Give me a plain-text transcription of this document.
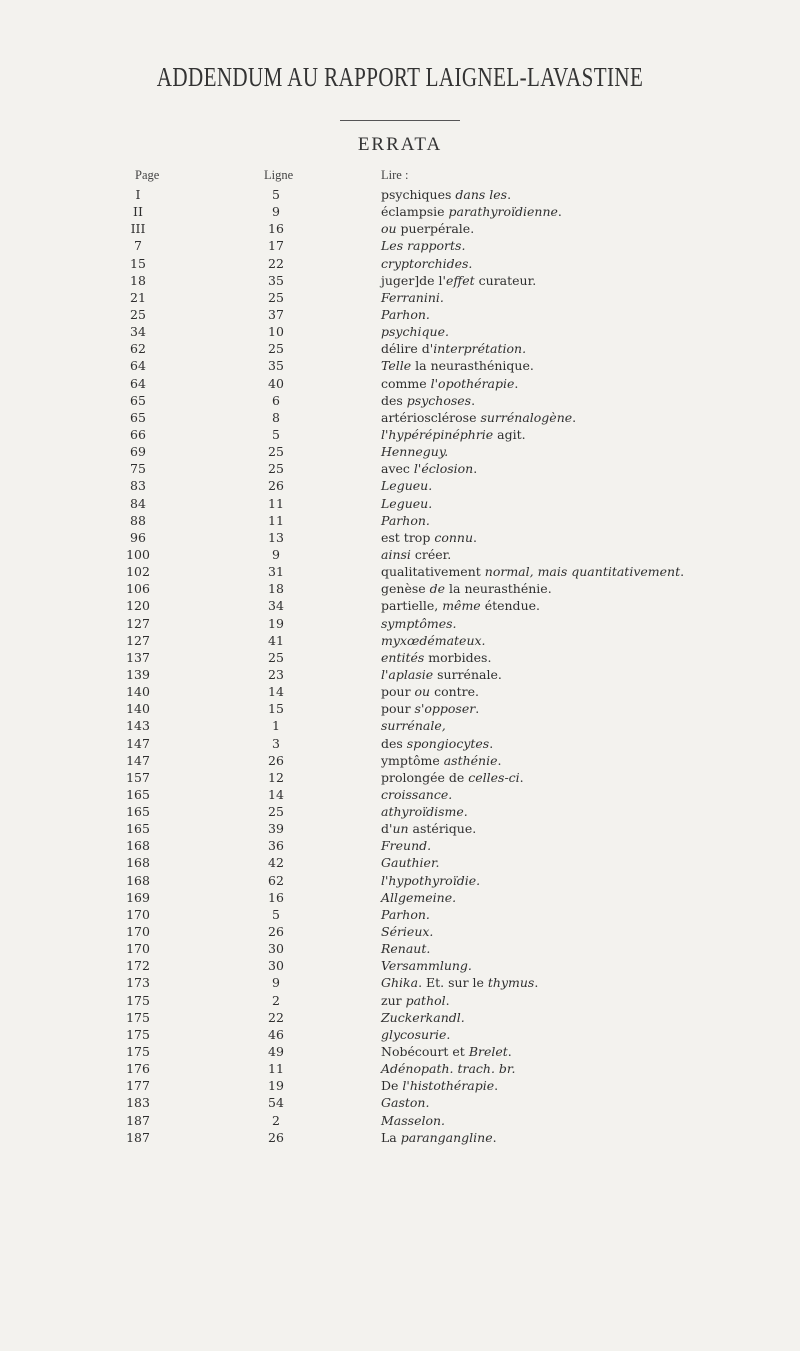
ADDENDUM AU RAPPORT LAIGNEL-LAVASTINE
ERRATA
Page	Ligne	Lire :
I	5	psychiques dans les.
II	9	éclampsie parathyroïdienne.
III	16	ou puerpérale.
7	17	Les rapports.
15	22	cryptorchides.
18	35	juger]de l'effet curateur.
21	25	Ferranini.
25	37	Parhon.
34	10	psychique.
62	25	délire d'interprétation.
64	35	Telle la neurasthénique.
64	40	comme l'opothérapie.
65	6	des psychoses.
65	8	artériosclérose surrénalogène.
66	5	l'hypérépinéphrie agit.
69	25	Henneguy.
75	25	avec l'éclosion.
83	26	Legueu.
84	11	Legueu.
88	11	Parhon.
96	13	est trop connu.
100	9	ainsi créer.
102	31	qualitativement normal, mais quantitativement.
106	18	genèse de la neurasthénie.
120	34	partielle, même étendue.
127	19	symptômes.
127	41	myxœdémateux.
137	25	entités morbides.
139	23	l'aplasie surrénale.
140	14	pour ou contre.
140	15	pour s'opposer.
143	1	surrénale,
147	3	des spongiocytes.
147	26	ymptôme asthénie.
157	12	prolongée de celles-ci.
165	14	croissance.
165	25	athyroïdisme.
165	39	d'un astérique.
168	36	Freund.
168	42	Gauthier.
168	62	l'hypothyroïdie.
169	16	Allgemeine.
170	5	Parhon.
170	26	Sérieux.
170	30	Renaut.
172	30	Versammlung.
173	9	Ghika. Et. sur le thymus.
175	2	zur pathol.
175	22	Zuckerkandl.
175	46	glycosurie.
175	49	Nobécourt et Brelet.
176	11	Adénopath. trach. br.
177	19	De l'histothérapie.
183	54	Gaston.
187	2	Masselon.
187	26	La parangangline.
